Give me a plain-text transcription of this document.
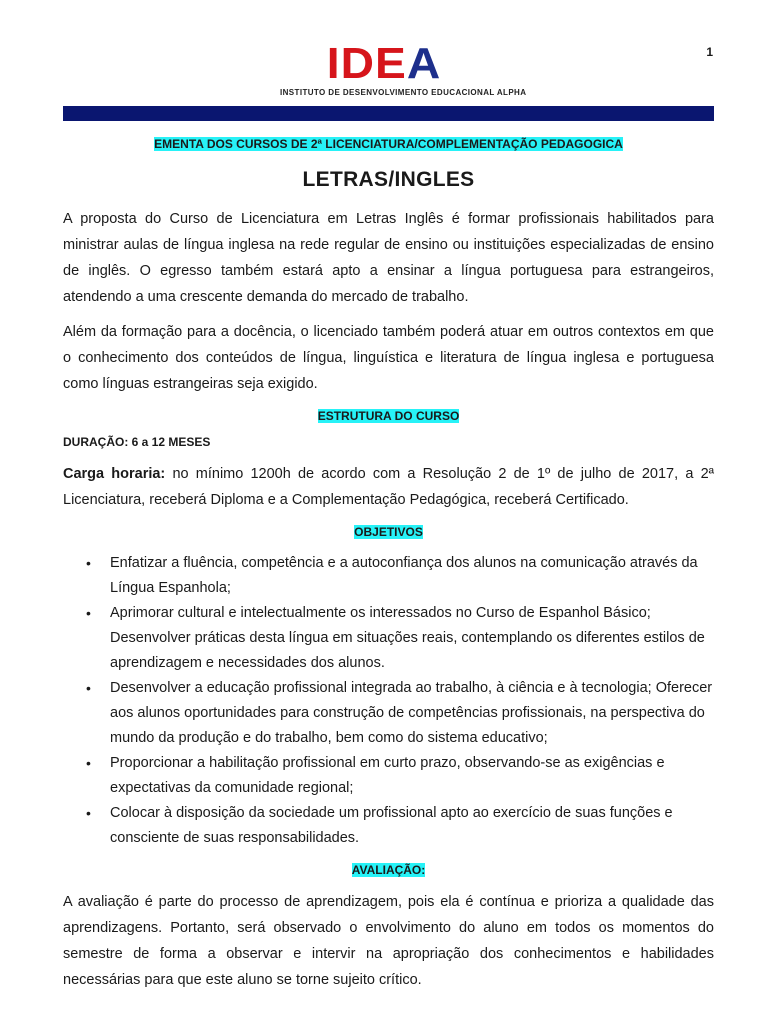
1
IDEA
INSTITUTO DE DESENVOLVIMENTO EDUCACIONAL ALPHA

EMENTA DOS CURSOS DE 2ª LICENCIATURA/COMPLEMENTAÇÃO PEDAGOGICA

LETRAS/INGLES

A proposta do Curso de Licenciatura em Letras Inglês é formar profissionais habilitados para ministrar aulas de língua inglesa na rede regular de ensino ou instituições especializadas de ensino de inglês. O egresso também estará apto a ensinar a língua portuguesa para estrangeiros, atendendo a uma crescente demanda do mercado de trabalho.

Além da formação para a docência, o licenciado também poderá atuar em outros contextos em que o conhecimento dos conteúdos de língua, linguística e literatura de língua inglesa e portuguesa como línguas estrangeiras seja exigido.

ESTRUTURA DO CURSO
DURAÇÃO: 6 a 12 MESES

Carga horaria: no mínimo 1200h de acordo com a Resolução 2 de 1º de julho de 2017, a 2ª Licenciatura, receberá Diploma e a Complementação Pedagógica, receberá Certificado.

OBJETIVOS
• Enfatizar a fluência, competência e a autoconfiança dos alunos na comunicação através da Língua Espanhola;
• Aprimorar cultural e intelectualmente os interessados no Curso de Espanhol Básico; Desenvolver práticas desta língua em situações reais, contemplando os diferentes estilos de aprendizagem e necessidades dos alunos.
• Desenvolver a educação profissional integrada ao trabalho, à ciência e à tecnologia; Oferecer aos alunos oportunidades para construção de competências profissionais, na perspectiva do mundo da produção e do trabalho, bem como do sistema educativo;
• Proporcionar a habilitação profissional em curto prazo, observando-se as exigências e expectativas da comunidade regional;
• Colocar à disposição da sociedade um profissional apto ao exercício de suas funções e consciente de suas responsabilidades.
AVALIAÇÃO:

A avaliação é parte do processo de aprendizagem, pois ela é contínua e prioriza a qualidade das aprendizagens. Portanto, será observado o envolvimento do aluno em todos os momentos do semestre de forma a observar e intervir na apropriação dos conhecimentos e habilidades necessárias para que este aluno se torne sujeito crítico.
